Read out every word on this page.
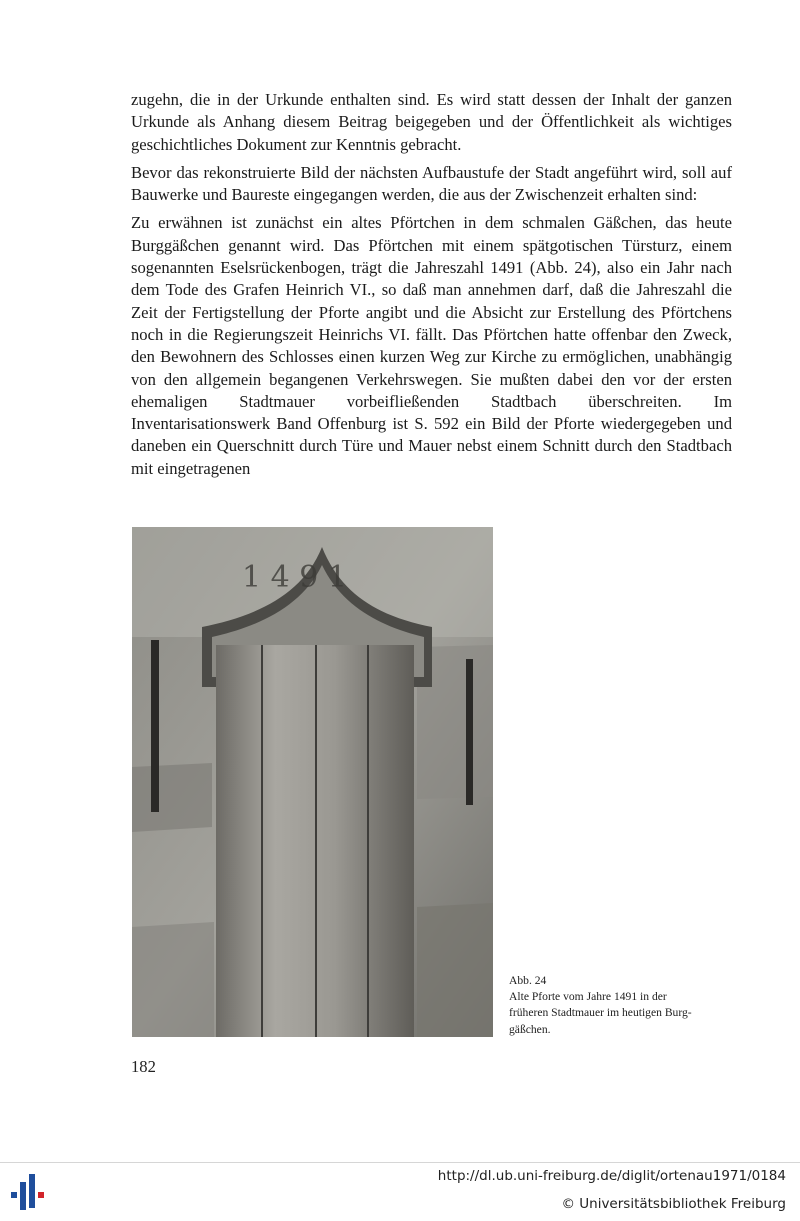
zugehn, die in der Urkunde enthalten sind. Es wird statt dessen der Inhalt der ganzen Urkunde als Anhang diesem Beitrag beigegeben und der Öffentlichkeit als wichtiges geschichtliches Dokument zur Kenntnis gebracht.

Bevor das rekonstruierte Bild der nächsten Aufbaustufe der Stadt angeführt wird, soll auf Bauwerke und Baureste eingegangen werden, die aus der Zwischenzeit erhalten sind:

Zu erwähnen ist zunächst ein altes Pförtchen in dem schmalen Gäßchen, das heute Burggäßchen genannt wird. Das Pförtchen mit einem spätgotischen Türsturz, einem sogenannten Eselsrückenbogen, trägt die Jahreszahl 1491 (Abb. 24), also ein Jahr nach dem Tode des Grafen Heinrich VI., so daß man annehmen darf, daß die Jahreszahl die Zeit der Fertigstellung der Pforte angibt und die Absicht zur Erstellung des Pförtchens noch in die Regierungszeit Heinrichs VI. fällt. Das Pförtchen hatte offenbar den Zweck, den Bewohnern des Schlosses einen kurzen Weg zur Kirche zu ermöglichen, unabhängig von den allgemein begangenen Verkehrswegen. Sie mußten dabei den vor der ersten ehemaligen Stadtmauer vorbeifließenden Stadtbach überschreiten. Im Inventarisationswerk Band Offenburg ist S. 592 ein Bild der Pforte wiedergegeben und daneben ein Querschnitt durch Türe und Mauer nebst einem Schnitt durch den Stadtbach mit eingetragenen

1 4 9 1
Abb. 24
Alte Pforte vom Jahre 1491 in der
früheren Stadtmauer im heutigen Burg-
gäßchen.
182
http://dl.ub.uni-freiburg.de/diglit/ortenau1971/0184
© Universitätsbibliothek Freiburg
